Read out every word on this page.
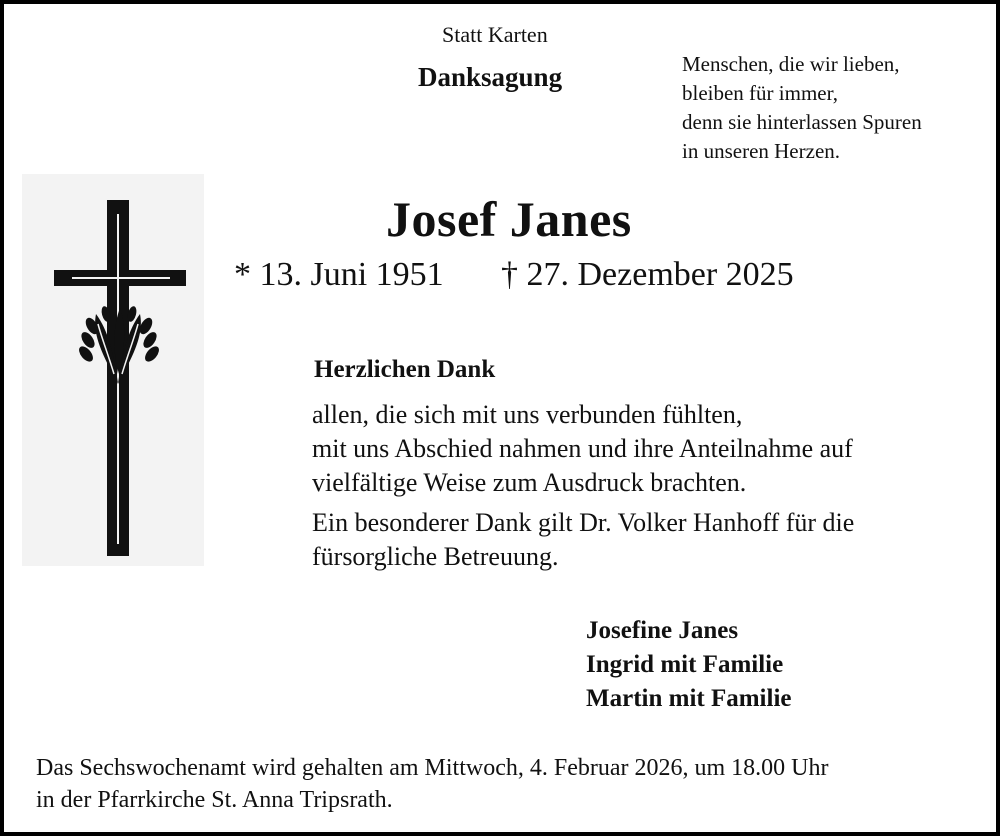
Statt Karten
Danksagung	Menschen, die wir lieben,
bleiben für immer,
denn sie hinterlassen Spuren
in unseren Herzen.
Josef Janes
* 13. Juni 1951 † 27. Dezember 2025
Herzlichen Dank
allen, die sich mit uns verbunden fühlten,
mit uns Abschied nahmen und ihre Anteilnahme auf
vielfältige Weise zum Ausdruck brachten.
Ein besonderer Dank gilt Dr. Volker Hanhoff für die
fürsorgliche Betreuung.
Josefine Janes
Ingrid mit Familie
Martin mit Familie
Das Sechswochenamt wird gehalten am Mittwoch, 4. Februar 2026, um 18.00 Uhr
in der Pfarrkirche St. Anna Tripsrath.
